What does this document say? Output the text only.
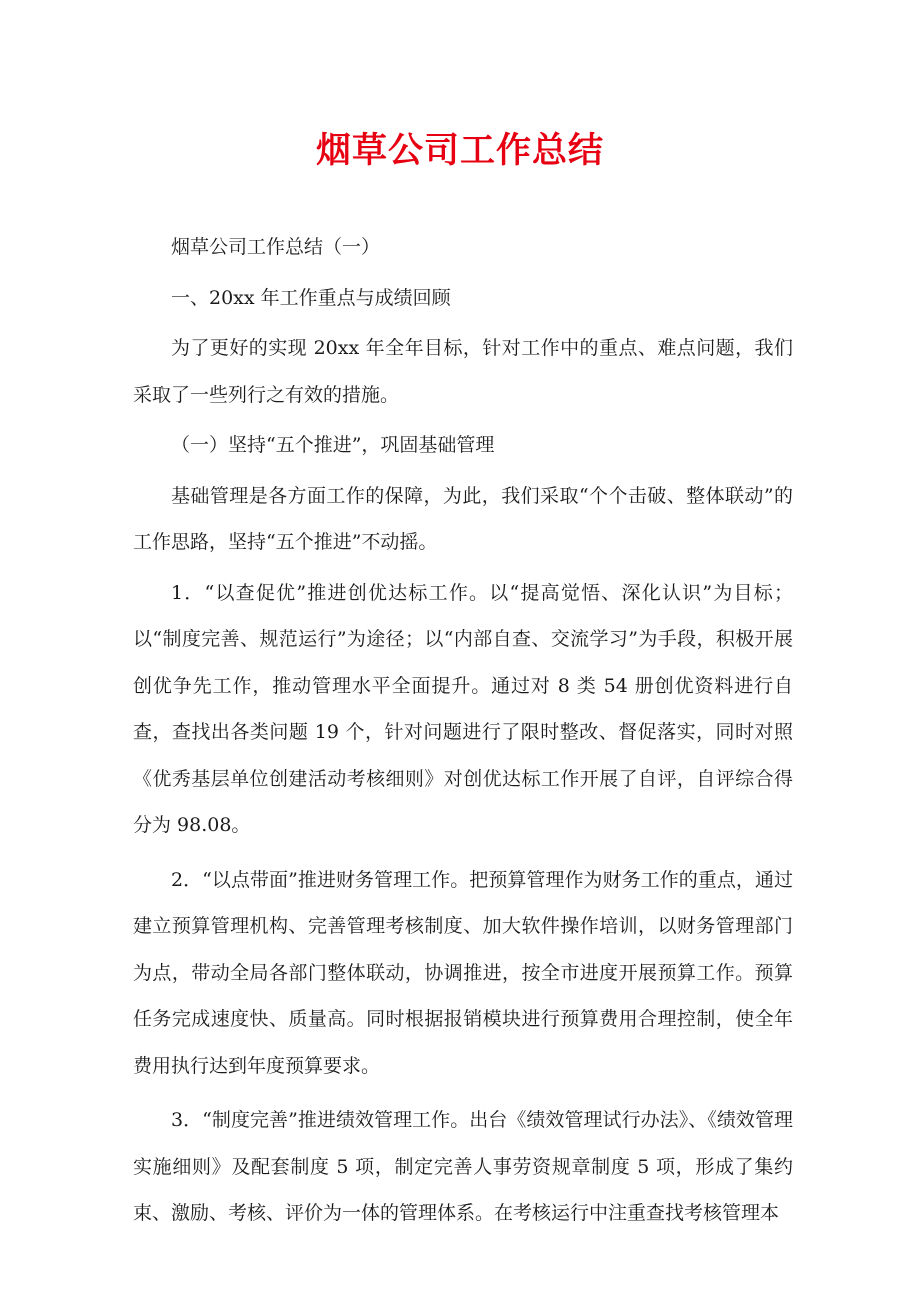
烟草公司工作总结

烟草公司工作总结（一）

一、20xx 年工作重点与成绩回顾

为了更好的实现 20xx 年全年目标，针对工作中的重点、难点问题，我们采取了一些列行之有效的措施。

（一）坚持“五个推进”，巩固基础管理

基础管理是各方面工作的保障，为此，我们采取“个个击破、整体联动”的工作思路，坚持“五个推进”不动摇。

1．“以查促优”推进创优达标工作。以“提高觉悟、深化认识”为目标；以“制度完善、规范运行”为途径；以“内部自查、交流学习”为手段，积极开展创优争先工作，推动管理水平全面提升。通过对 8 类 54 册创优资料进行自查，查找出各类问题 19 个，针对问题进行了限时整改、督促落实，同时对照《优秀基层单位创建活动考核细则》对创优达标工作开展了自评，自评综合得分为 98.08。

2．“以点带面”推进财务管理工作。把预算管理作为财务工作的重点，通过建立预算管理机构、完善管理考核制度、加大软件操作培训，以财务管理部门为点，带动全局各部门整体联动，协调推进，按全市进度开展预算工作。预算任务完成速度快、质量高。同时根据报销模块进行预算费用合理控制，使全年费用执行达到年度预算要求。

3．“制度完善”推进绩效管理工作。出台《绩效管理试行办法》、《绩效管理实施细则》及配套制度 5 项，制定完善人事劳资规章制度 5 项，形成了集约束、激励、考核、评价为一体的管理体系。在考核运行中注重查找考核管理本
